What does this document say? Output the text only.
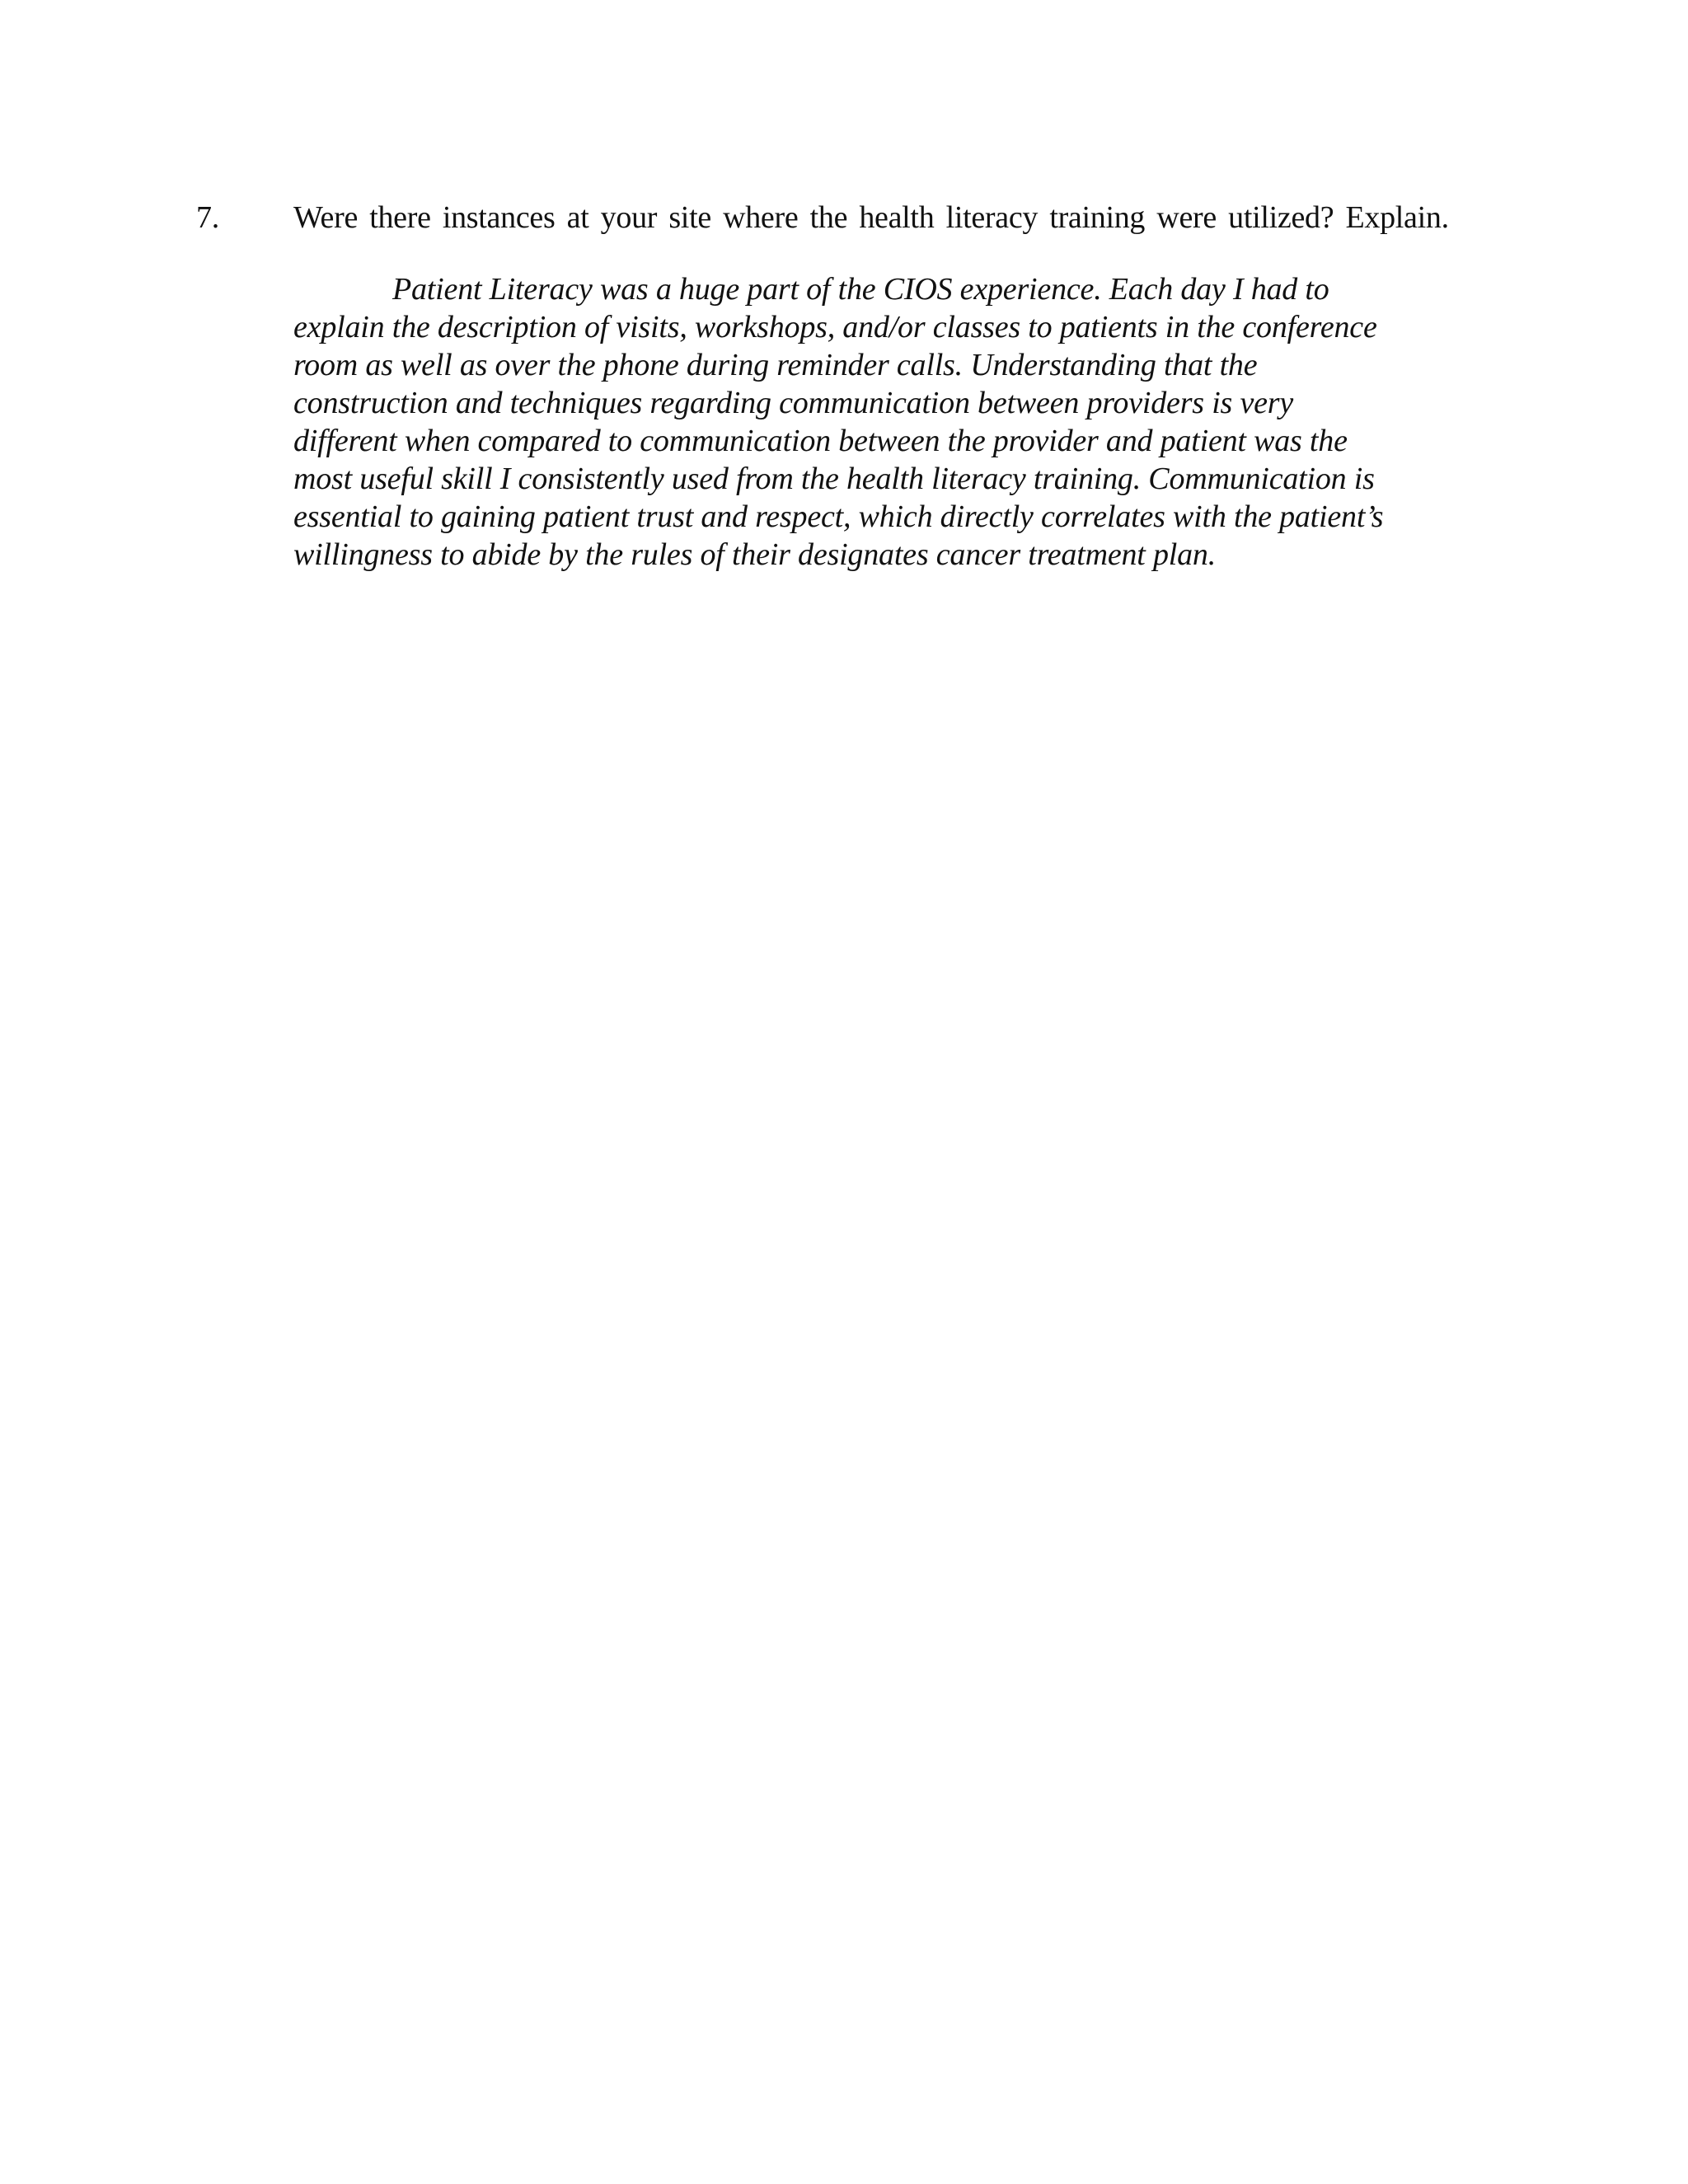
7. Were there instances at your site where the health literacy training were utilized? Explain.

Patient Literacy was a huge part of the CIOS experience. Each day I had to
explain the description of visits, workshops, and/or classes to patients in the conference
room as well as over the phone during reminder calls. Understanding that the
construction and techniques regarding communication between providers is very
different when compared to communication between the provider and patient was the
most useful skill I consistently used from the health literacy training. Communication is
essential to gaining patient trust and respect, which directly correlates with the patient’s
willingness to abide by the rules of their designates cancer treatment plan.
